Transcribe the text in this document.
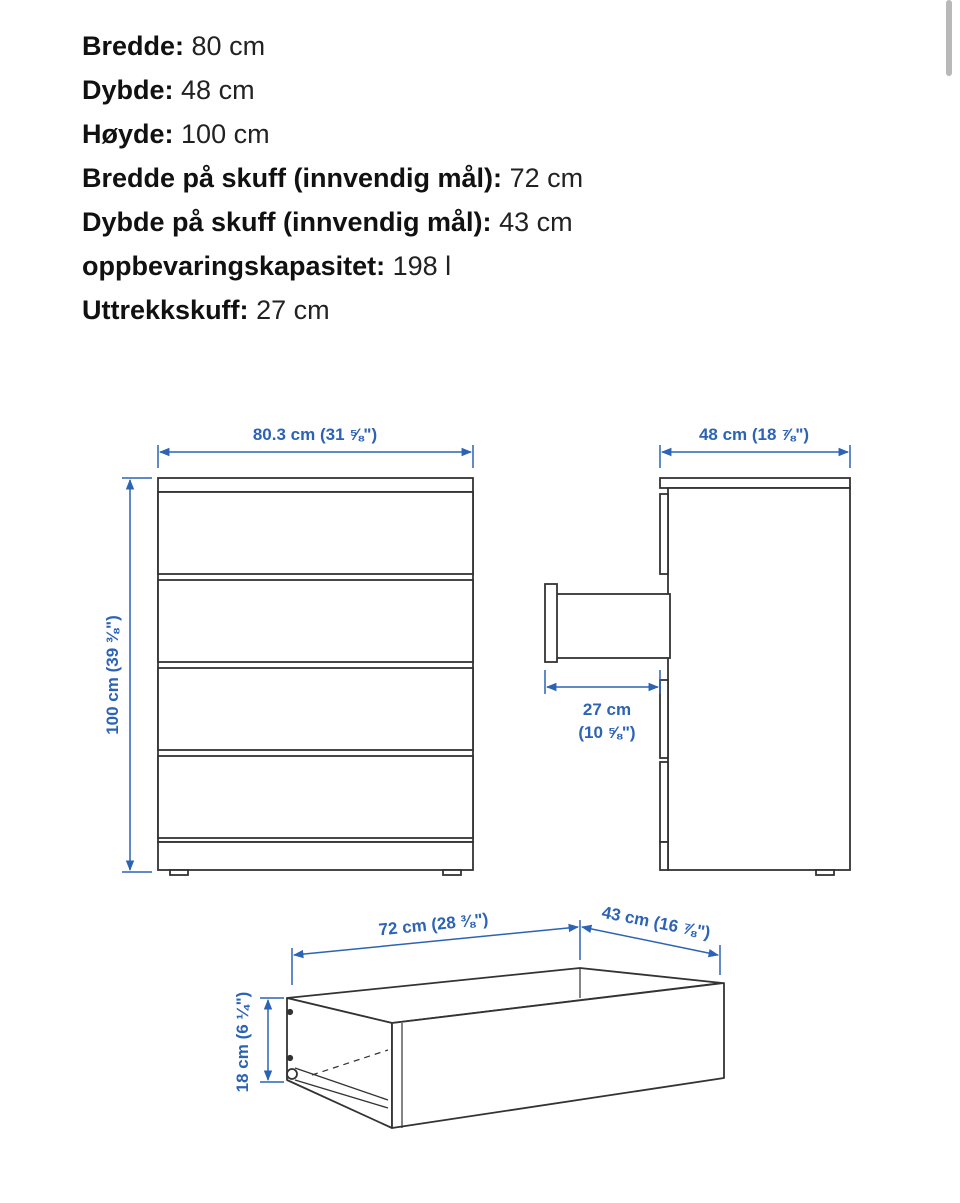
Bredde: 80 cm
Dybde: 48 cm
Høyde: 100 cm
Bredde på skuff (innvendig mål): 72 cm
Dybde på skuff (innvendig mål): 43 cm
oppbevaringskapasitet: 198 l
Uttrekkskuff: 27 cm
80.3 cm (31 ⅝")
100 cm (39 ⅜")
48 cm (18 ⅞")
27 cm
(10 ⅝")
72 cm (28 ⅜")	43 cm (16 ⅞")
18 cm (6 ¼")
